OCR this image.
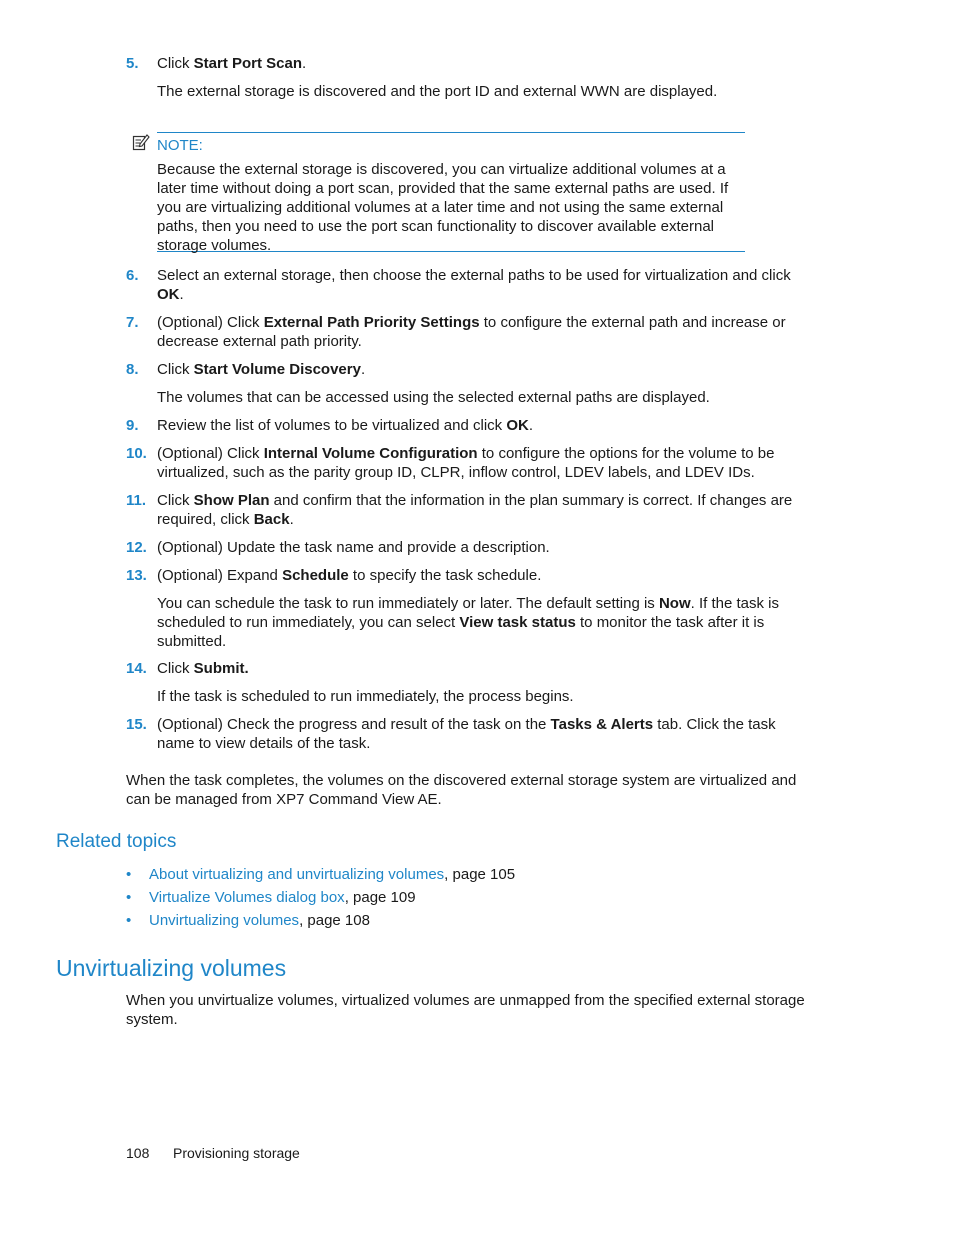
5. Click Start Port Scan.
The external storage is discovered and the port ID and external WWN are displayed.
NOTE:
Because the external storage is discovered, you can virtualize additional volumes at a later time without doing a port scan, provided that the same external paths are used. If you are virtualizing additional volumes at a later time and not using the same external paths, then you need to use the port scan functionality to discover available external storage volumes.
6. Select an external storage, then choose the external paths to be used for virtualization and click OK.
7. (Optional) Click External Path Priority Settings to configure the external path and increase or decrease external path priority.
8. Click Start Volume Discovery.
The volumes that can be accessed using the selected external paths are displayed.
9. Review the list of volumes to be virtualized and click OK.
10. (Optional) Click Internal Volume Configuration to configure the options for the volume to be virtualized, such as the parity group ID, CLPR, inflow control, LDEV labels, and LDEV IDs.
11. Click Show Plan and confirm that the information in the plan summary is correct. If changes are required, click Back.
12. (Optional) Update the task name and provide a description.
13. (Optional) Expand Schedule to specify the task schedule.
You can schedule the task to run immediately or later. The default setting is Now. If the task is scheduled to run immediately, you can select View task status to monitor the task after it is submitted.
14. Click Submit.
If the task is scheduled to run immediately, the process begins.
15. (Optional) Check the progress and result of the task on the Tasks & Alerts tab. Click the task name to view details of the task.
When the task completes, the volumes on the discovered external storage system are virtualized and can be managed from XP7 Command View AE.
Related topics
• About virtualizing and unvirtualizing volumes, page 105
• Virtualize Volumes dialog box, page 109
• Unvirtualizing volumes, page 108
Unvirtualizing volumes
When you unvirtualize volumes, virtualized volumes are unmapped from the specified external storage system.
108 Provisioning storage
